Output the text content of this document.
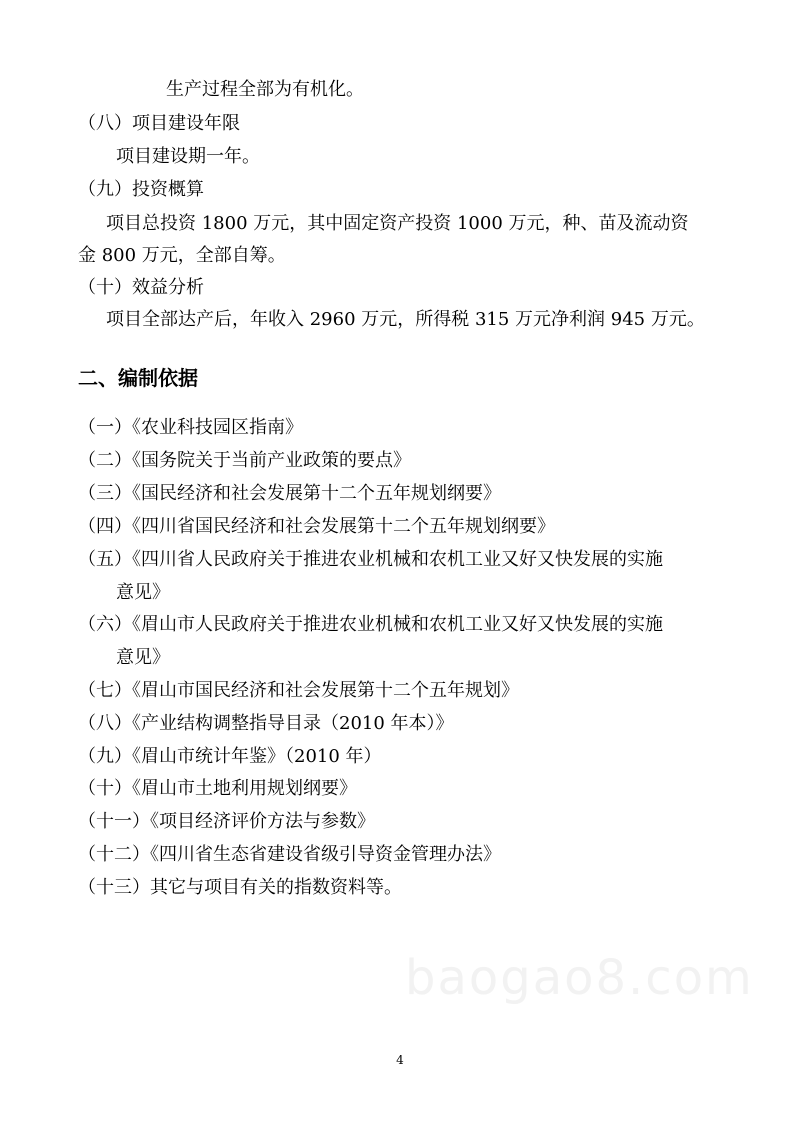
生产过程全部为有机化。
（八）项目建设年限
项目建设期一年。
（九）投资概算
项目总投资 1800 万元，其中固定资产投资 1000 万元，种、苗及流动资
金 800 万元，全部自筹。
（十）效益分析
项目全部达产后，年收入 2960 万元，所得税 315 万元净利润 945 万元。
二、编制依据
（一）《农业科技园区指南》
（二）《国务院关于当前产业政策的要点》
（三）《国民经济和社会发展第十二个五年规划纲要》
（四）《四川省国民经济和社会发展第十二个五年规划纲要》
（五）《四川省人民政府关于推进农业机械和农机工业又好又快发展的实施
意见》
（六）《眉山市人民政府关于推进农业机械和农机工业又好又快发展的实施
意见》
（七）《眉山市国民经济和社会发展第十二个五年规划》
（八）《产业结构调整指导目录（2010 年本）》
（九）《眉山市统计年鉴》（2010 年）
（十）《眉山市土地利用规划纲要》
（十一）《项目经济评价方法与参数》
（十二）《四川省生态省建设省级引导资金管理办法》
（十三）其它与项目有关的指数资料等。
baogao8.com
4
